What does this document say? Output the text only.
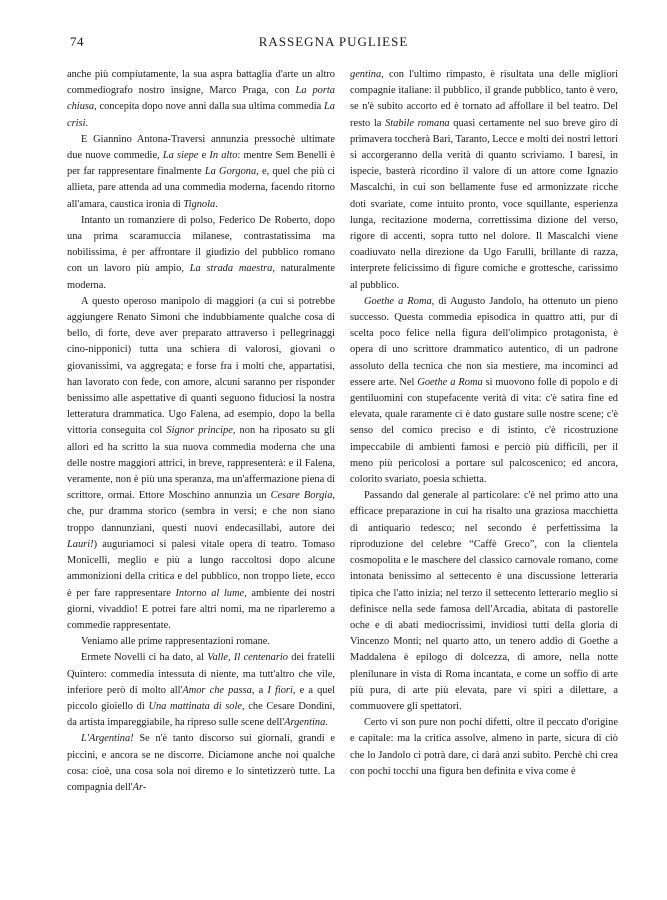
74	RASSEGNA PUGLIESE

anche più compiutamente, la sua aspra battaglia d'arte un altro commediografo nostro insigne, Marco Praga, con La porta chiusa, concepita dopo nove anni dalla sua ultima commedia La crisi.

E Giannino Antona-Traversi annunzia pressochè ultimate due nuove commedie, La siepe e In alto: mentre Sem Benelli è per far rappresentare finalmente La Gorgona, e, quel che più ci allieta, pare attenda ad una commedia moderna, facendo ritorno all'amara, caustica ironia di Tignola.

Intanto un romanziere di polso, Federico De Roberto, dopo una prima scaramuccia milanese, contrastatissima ma nobilissima, è per affrontare il giudizio del pubblico romano con un lavoro più ampio, La strada maestra, naturalmente moderna.

A questo operoso manipolo di maggiori (a cui si potrebbe aggiungere Renato Simoni che indubbiamente qualche cosa di bello, di forte, deve aver preparato attraverso i pellegrinaggi cino-nipponici) tutta una schiera di valorosi, giovani o giovanissimi, va aggregata; e forse fra i molti che, appartatisi, han lavorato con fede, con amore, alcuni saranno per risponder benissimo alle aspettative di quanti seguono fiduciosi la nostra letteratura drammatica. Ugo Falena, ad esempio, dopo la bella vittoria conseguita col Signor principe, non ha riposato su gli allori ed ha scritto la sua nuova commedia moderna che una delle nostre maggiori attrici, in breve, rappresenterà: e il Falena, veramente, non è più una speranza, ma un'affermazione piena di scrittore, ormai. Ettore Moschino annunzia un Cesare Borgia, che, pur dramma storico (sembra in versi; e che non siano troppo dannunziani, questi nuovi endecasillabi, autore dei Lauri!) auguriamoci si palesi vitale opera di teatro. Tomaso Monicelli, meglio e più a lungo raccoltosi dopo alcune ammonizioni della critica e del pubblico, non troppo liete, ecco è per fare rappresentare Intorno al lume, ambiente dei nostri giorni, vivaddio! E potrei fare altri nomi, ma ne riparleremo a commedie rappresentate.

Veniamo alle prime rappresentazioni romane.

Ermete Novelli ci ha dato, al Valle, Il centenario dei fratelli Quintero: commedia intessuta di niente, ma tutt'altro che vile, inferiore però di molto all'Amor che passa, a I fiori, e a quel piccolo gioiello di Una mattinata di sole, che Cesare Dondini, da artista impareggiabile, ha ripreso sulle scene dell'Argentina.

L'Argentina! Se n'è tanto discorso sui giornali, grandi e piccini, e ancora se ne discorre. Diciamone anche noi qualche cosa: cioè, una cosa sola noi diremo e lo sintetizzerò tutte. La compagnia dell'Ar-

gentina, con l'ultimo rimpasto, è risultata una delle migliori compagnie italiane: il pubblico, il grande pubblico, tanto è vero, se n'è subito accorto ed è tornato ad affollare il bel teatro. Del resto la Stabile romana quasi certamente nel suo breve giro di primavera toccherà Bari, Taranto, Lecce e molti dei nostri lettori si accorgeranno della verità di quanto scriviamo. I baresi, in ispecie, basterà ricordino il valore di un attore come Ignazio Mascalchi, in cui son bellamente fuse ed armonizzate ricche doti svariate, come intuito pronto, voce squillante, esperienza lunga, recitazione moderna, correttissima dizione del verso, rigore di accenti, sopra tutto nel dolore. Il Mascalchi viene coadiuvato nella direzione da Ugo Farulli, brillante di razza, interprete felicissimo di figure comiche e grottesche, carissimo al pubblico.

Goethe a Roma, di Augusto Jandolo, ha ottenuto un pieno successo. Questa commedia episodica in quattro atti, pur di scelta poco felice nella figura dell'olimpico protagonista, è opera di uno scrittore drammatico autentico, di un padrone assoluto della tecnica che non sia mestiere, ma incominci ad essere arte. Nel Goethe a Roma si muovono folle di popolo e di gentiluomini con stupefacente verità di vita: c'è satira fine ed elevata, quale raramente ci è dato gustare sulle nostre scene; c'è senso del comico preciso e di istinto, c'è ricostruzione impeccabile di ambienti famosi e perciò più difficili, per il meno più pericolosi a portare sul palcoscenico; ed ancora, colorito svariato, poesia schietta.

Passando dal generale al particolare: c'è nel primo atto una efficace preparazione in cui ha risalto una graziosa macchietta di antiquario tedesco; nel secondo è perfettissima la riproduzione del celebre “Caffè Greco”, con la clientela cosmopolita e le maschere del classico carnovale romano, come intonata benissimo al settecento è una discussione letteraria tipica che l'atto inizia; nel terzo il settecento letterario meglio si definisce nella sede famosa dell'Arcadia, abitata di pastorelle oche e di abati mediocrissimi, invidiosi tutti della gloria di Vincenzo Monti; nel quarto atto, un tenero addio di Goethe a Maddalena è epilogo di dolcezza, di amore, nella notte plenilunare in vista di Roma incantata, e come un soffio di arte più pura, di arte più elevata, pare vi spiri a dilettare, a commuovere gli spettatori.

Certo vi son pure non pochi difetti, oltre il peccato d'origine e capitale: ma la critica assolve, almeno in parte, sicura di ciò che lo Jandolo ci potrà dare, ci darà anzi subito. Perchè chi crea con pochi tocchi una figura ben definita e viva come è
